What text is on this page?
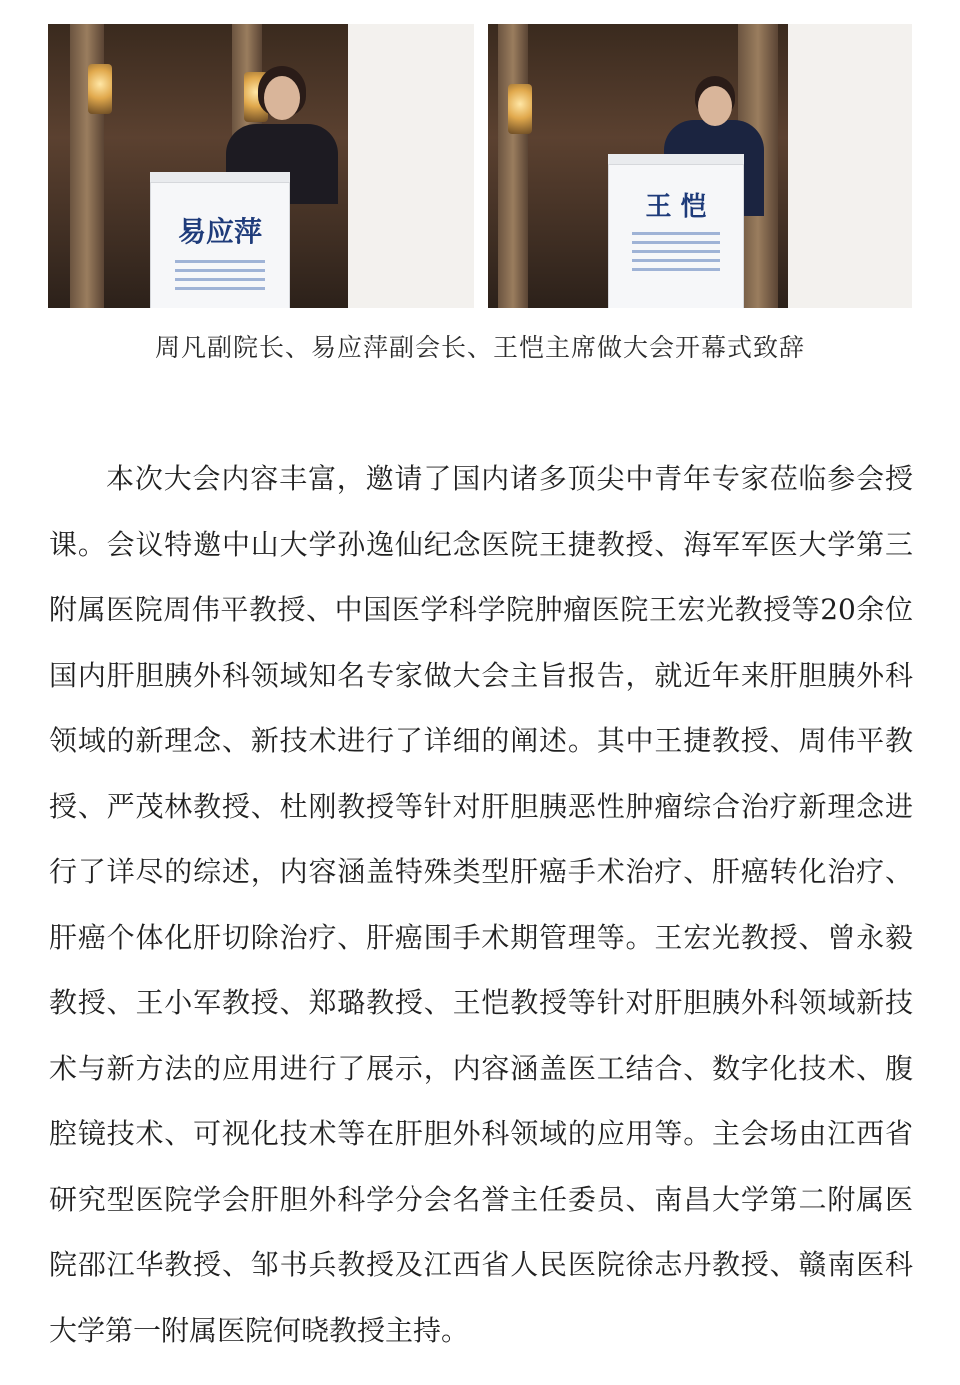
易应萍
王 恺
周凡副院长、易应萍副会长、王恺主席做大会开幕式致辞

本次大会内容丰富，邀请了国内诸多顶尖中青年专家莅临参会授课。会议特邀中山大学孙逸仙纪念医院王捷教授、海军军医大学第三附属医院周伟平教授、中国医学科学院肿瘤医院王宏光教授等20余位国内肝胆胰外科领域知名专家做大会主旨报告，就近年来肝胆胰外科领域的新理念、新技术进行了详细的阐述。其中王捷教授、周伟平教授、严茂林教授、杜刚教授等针对肝胆胰恶性肿瘤综合治疗新理念进行了详尽的综述，内容涵盖特殊类型肝癌手术治疗、肝癌转化治疗、肝癌个体化肝切除治疗、肝癌围手术期管理等。王宏光教授、曾永毅教授、王小军教授、郑璐教授、王恺教授等针对肝胆胰外科领域新技术与新方法的应用进行了展示，内容涵盖医工结合、数字化技术、腹腔镜技术、可视化技术等在肝胆外科领域的应用等。主会场由江西省研究型医院学会肝胆外科学分会名誉主任委员、南昌大学第二附属医院邵江华教授、邹书兵教授及江西省人民医院徐志丹教授、赣南医科大学第一附属医院何晓教授主持。
